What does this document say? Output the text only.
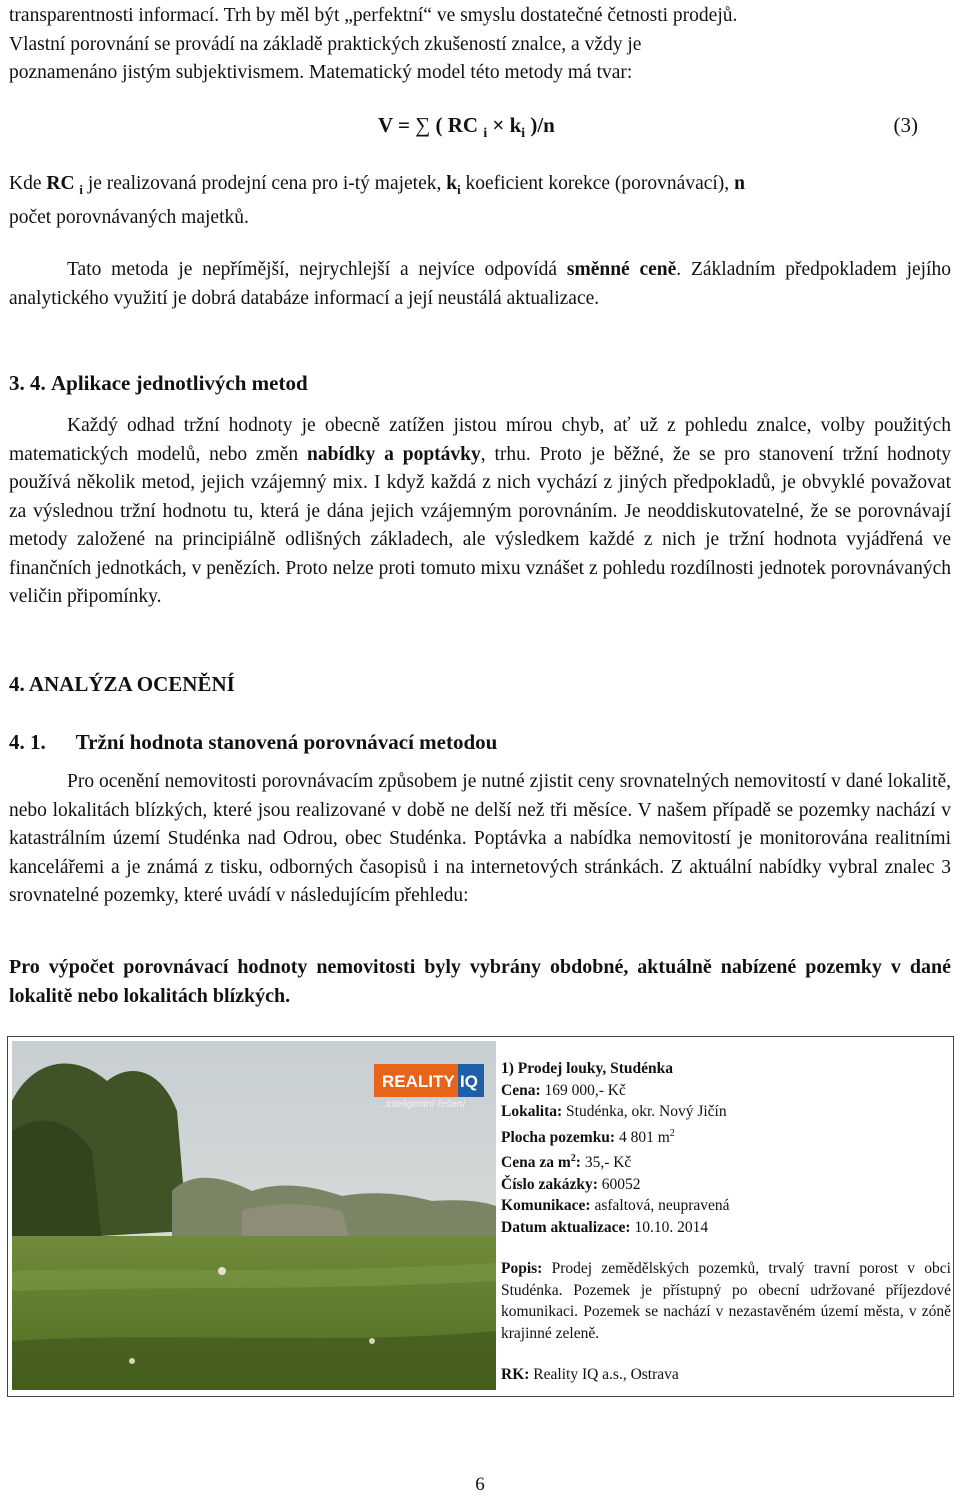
transparentnosti informací. Trh by měl být „perfektní“ ve smyslu dostatečné četnosti prodejů.
Vlastní porovnání se provádí na základě praktických zkušeností znalce, a vždy je
poznamenáno jistým subjektivismem. Matematický model této metody má tvar:

V = ∑ ( RC $_i \times k_i$ )/n	(3)

Kde RC $_i$ je realizovaná prodejní cena pro i-tý majetek, $k_i$ koeficient korekce (porovnávací), n
počet porovnávaných majetků.

Tato metoda je nepřímější, nejrychlejší a nejvíce odpovídá směnné ceně. Základním předpokladem jejího analytického využití je dobrá databáze informací a její neustálá aktualizace.

3. 4. Aplikace jednotlivých metod

Každý odhad tržní hodnoty je obecně zatížen jistou mírou chyb, ať už z pohledu znalce, volby použitých matematických modelů, nebo změn nabídky a poptávky, trhu. Proto je běžné, že se pro stanovení tržní hodnoty používá několik metod, jejich vzájemný mix. I když každá z nich vychází z jiných předpokladů, je obvyklé považovat za výslednou tržní hodnotu tu, která je dána jejich vzájemným porovnáním. Je neoddiskutovatelné, že se porovnávají metody založené na principiálně odlišných základech, ale výsledkem každé z nich je tržní hodnota vyjádřená ve finančních jednotkách, v penězích. Proto nelze proti tomuto mixu vznášet z pohledu rozdílnosti jednotek porovnávaných veličin připomínky.

4. ANALÝZA OCENĚNÍ
4. 1. Tržní hodnota stanovená porovnávací metodou

Pro ocenění nemovitosti porovnávacím způsobem je nutné zjistit ceny srovnatelných nemovitostí v dané lokalitě, nebo lokalitách blízkých, které jsou realizované v době ne delší než tři měsíce. V našem případě se pozemky nachází v katastrálním území Studénka nad Odrou, obec Studénka. Poptávka a nabídka nemovitostí je monitorována realitními kancelářemi a je známá z tisku, odborných časopisů i na internetových stránkách. Z aktuální nabídky vybral znalec 3 srovnatelné pozemky, které uvádí v následujícím přehledu:

Pro výpočet porovnávací hodnoty nemovitosti byly vybrány obdobné, aktuálně nabízené pozemky v dané lokalitě nebo lokalitách blízkých.

REALITY IQ
...inteligentní řešení

1) Prodej louky, Studénka

Cena: 169 000,- Kč

Lokalita: Studénka, okr. Nový Jičín

Plocha pozemku: 4 801 $m^2$

Cena za $m^2$: 35,- Kč

Číslo zakázky: 60052

Komunikace: asfaltová, neupravená

Datum aktualizace: 10.10. 2014

Popis: Prodej zemědělských pozemků, trvalý travní porost v obci Studénka. Pozemek je přístupný po obecní udržované příjezdové komunikaci. Pozemek se nachází v nezastavěném území města, v zóně krajinné zeleně.

RK: Reality IQ a.s., Ostrava

6
